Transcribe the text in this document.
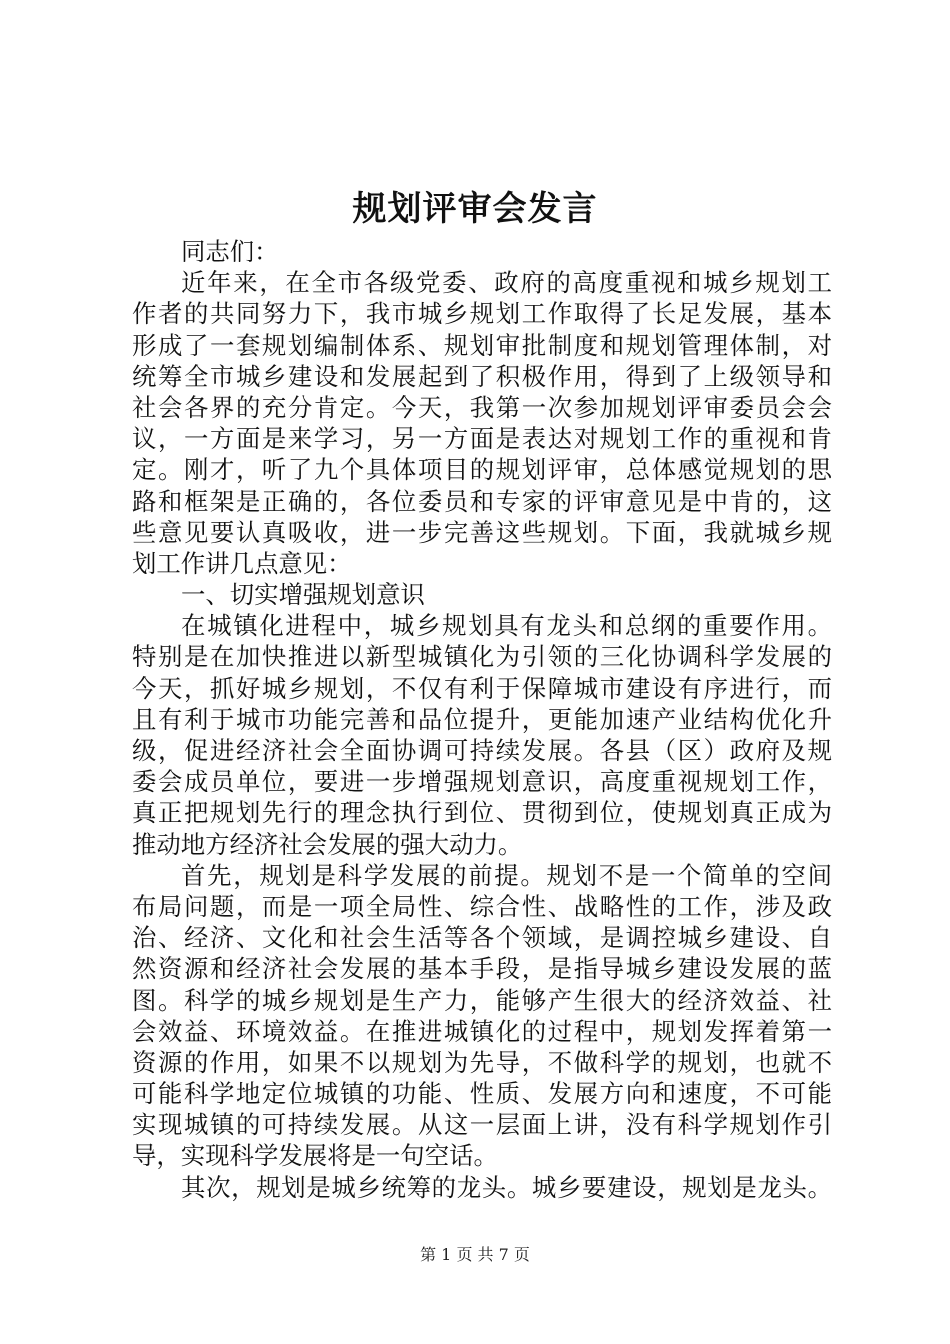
规划评审会发言
同志们：
近年来，在全市各级党委、政府的高度重视和城乡规划工
作者的共同努力下，我市城乡规划工作取得了长足发展，基本
形成了一套规划编制体系、规划审批制度和规划管理体制，对
统筹全市城乡建设和发展起到了积极作用，得到了上级领导和
社会各界的充分肯定。今天，我第一次参加规划评审委员会会
议，一方面是来学习，另一方面是表达对规划工作的重视和肯
定。刚才，听了九个具体项目的规划评审，总体感觉规划的思
路和框架是正确的，各位委员和专家的评审意见是中肯的，这
些意见要认真吸收，进一步完善这些规划。下面，我就城乡规
划工作讲几点意见：
一、切实增强规划意识
在城镇化进程中，城乡规划具有龙头和总纲的重要作用。
特别是在加快推进以新型城镇化为引领的三化协调科学发展的
今天，抓好城乡规划，不仅有利于保障城市建设有序进行，而
且有利于城市功能完善和品位提升，更能加速产业结构优化升
级，促进经济社会全面协调可持续发展。各县（区）政府及规
委会成员单位，要进一步增强规划意识，高度重视规划工作，
真正把规划先行的理念执行到位、贯彻到位，使规划真正成为
推动地方经济社会发展的强大动力。
首先，规划是科学发展的前提。规划不是一个简单的空间
布局问题，而是一项全局性、综合性、战略性的工作，涉及政
治、经济、文化和社会生活等各个领域，是调控城乡建设、自
然资源和经济社会发展的基本手段，是指导城乡建设发展的蓝
图。科学的城乡规划是生产力，能够产生很大的经济效益、社
会效益、环境效益。在推进城镇化的过程中，规划发挥着第一
资源的作用，如果不以规划为先导，不做科学的规划，也就不
可能科学地定位城镇的功能、性质、发展方向和速度，不可能
实现城镇的可持续发展。从这一层面上讲，没有科学规划作引
导，实现科学发展将是一句空话。
其次，规划是城乡统筹的龙头。城乡要建设，规划是龙头。
第 1 页 共 7 页
